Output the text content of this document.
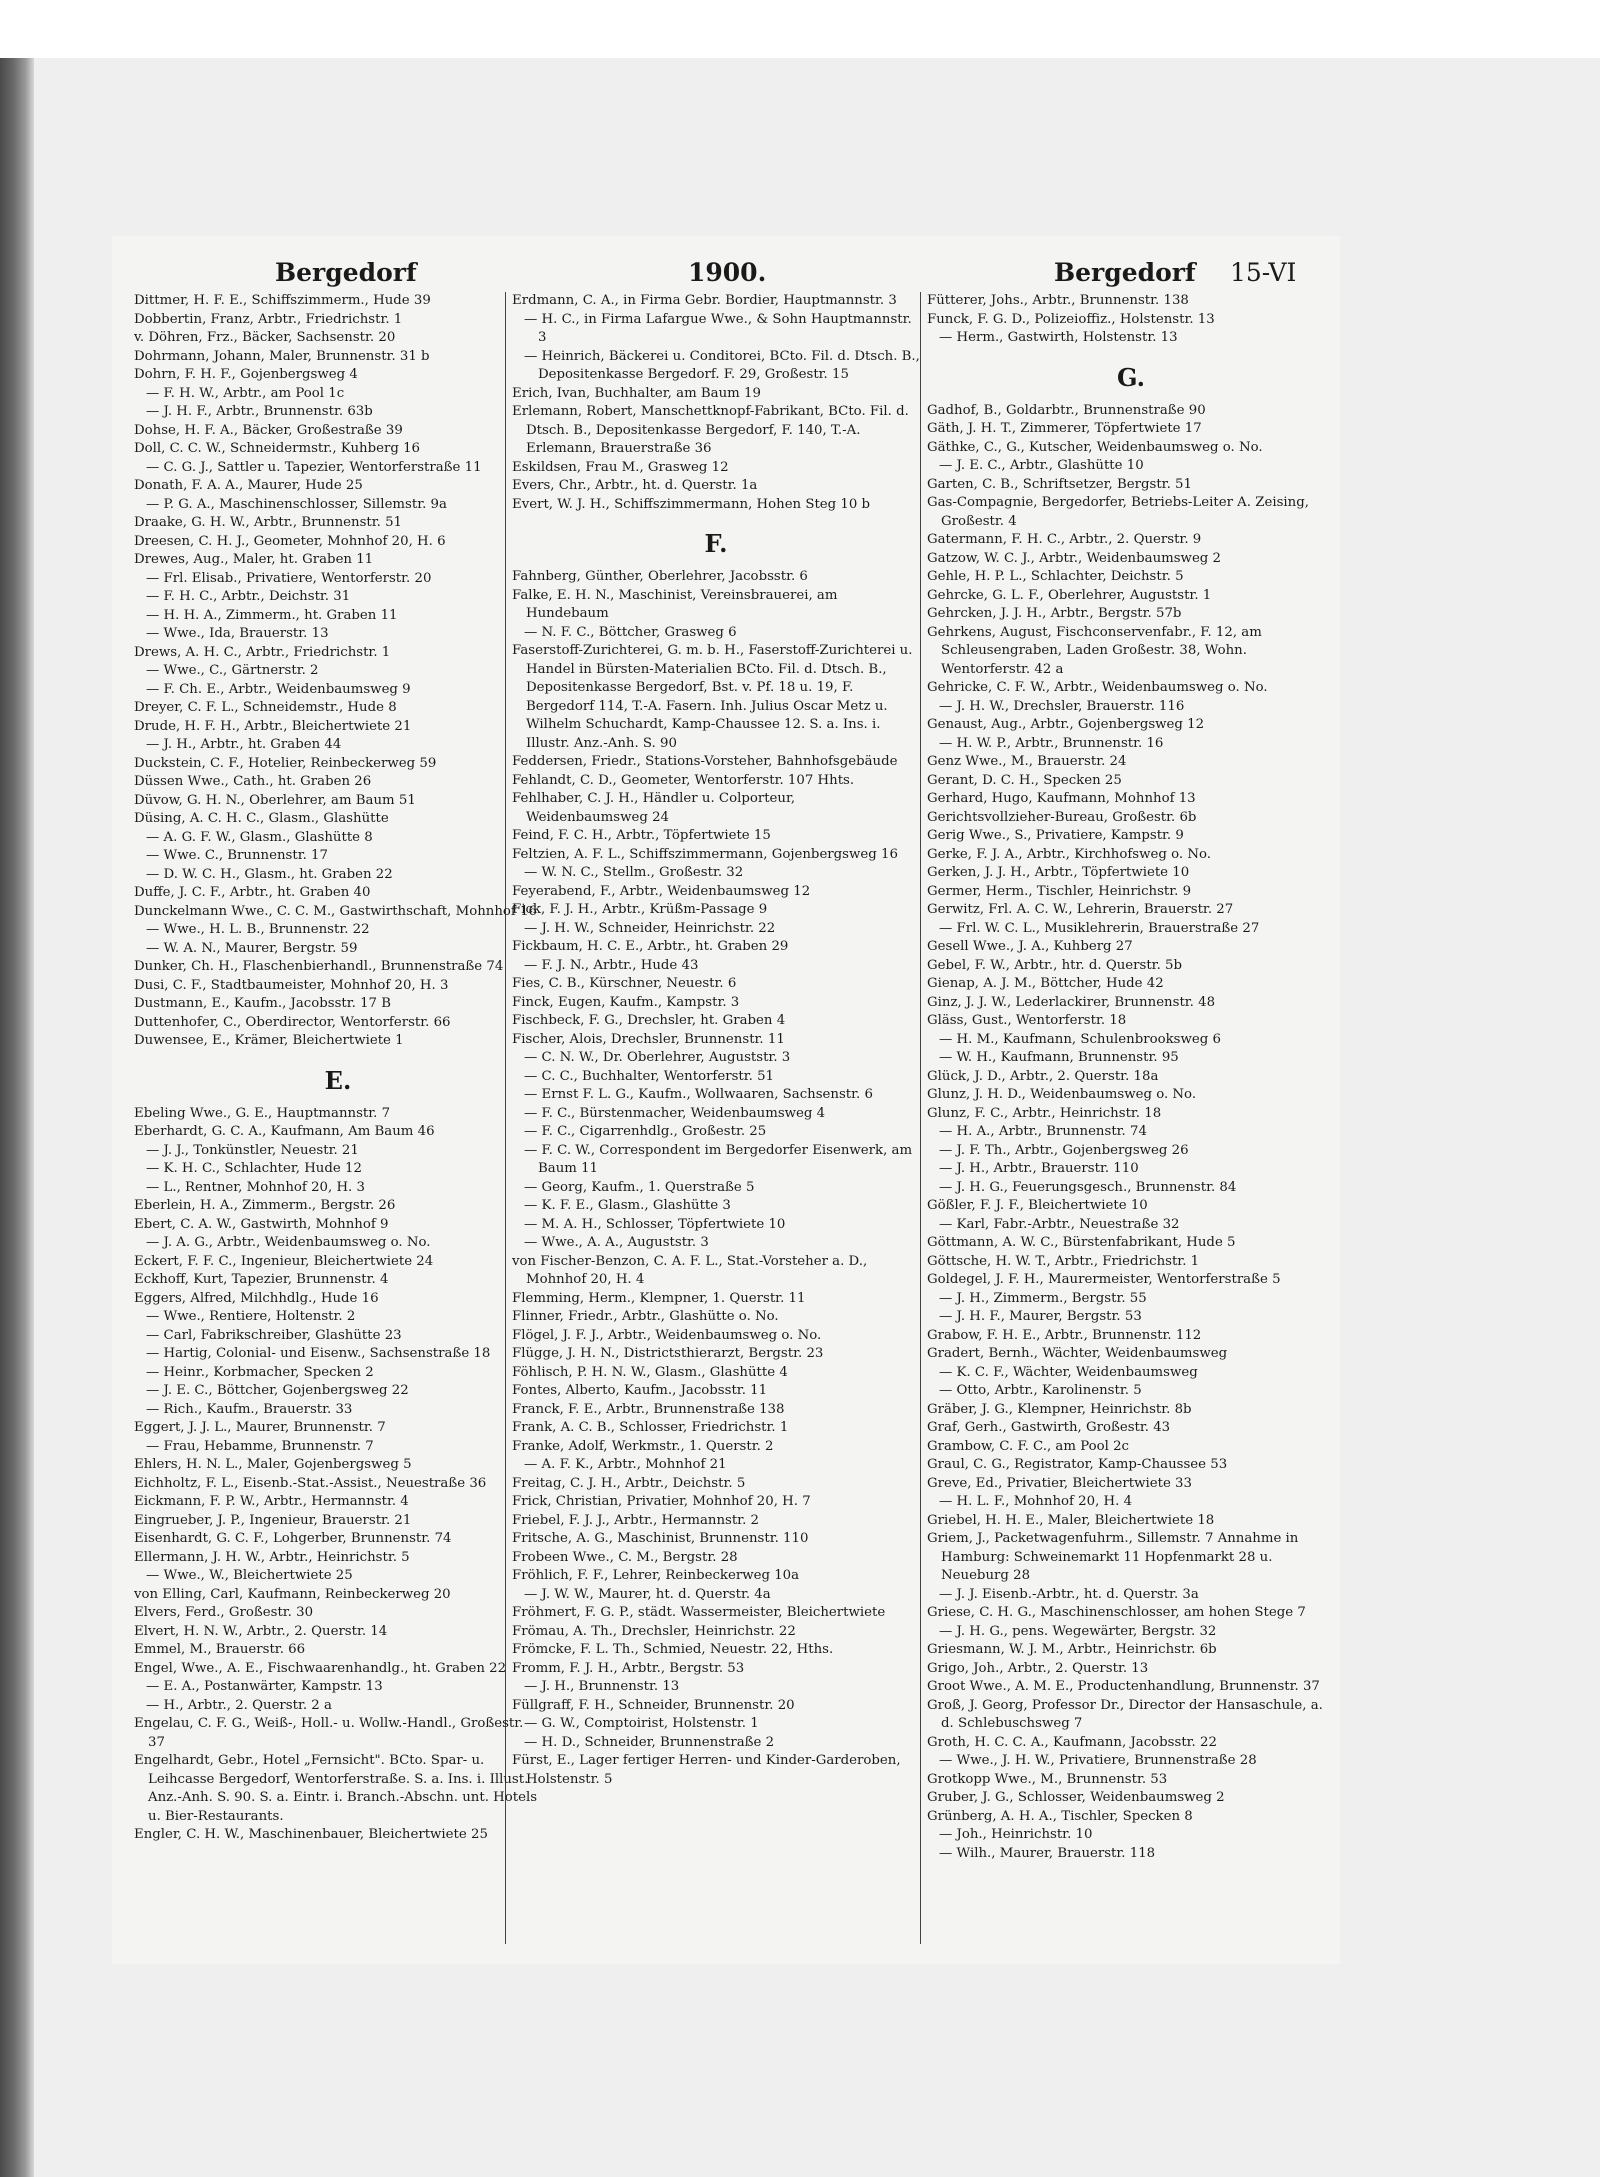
Bergedorf	1900.	Bergedorf 15-VI
Dittmer, H. F. E., Schiffszimmerm., Hude 39
Dobbertin, Franz, Arbtr., Friedrichstr. 1
v. Döhren, Frz., Bäcker, Sachsenstr. 20
Dohrmann, Johann, Maler, Brunnenstr. 31 b
Dohrn, F. H. F., Gojenbergsweg 4
— F. H. W., Arbtr., am Pool 1c
— J. H. F., Arbtr., Brunnenstr. 63b
Dohse, H. F. A., Bäcker, Großestraße 39
Doll, C. C. W., Schneidermstr., Kuhberg 16
— C. G. J., Sattler u. Tapezier, Wentorferstraße 11
Donath, F. A. A., Maurer, Hude 25
— P. G. A., Maschinenschlosser, Sillemstr. 9a
Draake, G. H. W., Arbtr., Brunnenstr. 51
Dreesen, C. H. J., Geometer, Mohnhof 20, H. 6
Drewes, Aug., Maler, ht. Graben 11
— Frl. Elisab., Privatiere, Wentorferstr. 20
— F. H. C., Arbtr., Deichstr. 31
— H. H. A., Zimmerm., ht. Graben 11
— Wwe., Ida, Brauerstr. 13
Drews, A. H. C., Arbtr., Friedrichstr. 1
— Wwe., C., Gärtnerstr. 2
— F. Ch. E., Arbtr., Weidenbaumsweg 9
Dreyer, C. F. L., Schneidemstr., Hude 8
Drude, H. F. H., Arbtr., Bleichertwiete 21
— J. H., Arbtr., ht. Graben 44
Duckstein, C. F., Hotelier, Reinbeckerweg 59
Düssen Wwe., Cath., ht. Graben 26
Düvow, G. H. N., Oberlehrer, am Baum 51
Düsing, A. C. H. C., Glasm., Glashütte
— A. G. F. W., Glasm., Glashütte 8
— Wwe. C., Brunnenstr. 17
— D. W. C. H., Glasm., ht. Graben 22
Duffe, J. C. F., Arbtr., ht. Graben 40
Dunckelmann Wwe., C. C. M., Gastwirthschaft, Mohnhof 16
— Wwe., H. L. B., Brunnenstr. 22
— W. A. N., Maurer, Bergstr. 59
Dunker, Ch. H., Flaschenbierhandl., Brunnenstraße 74
Dusi, C. F., Stadtbaumeister, Mohnhof 20, H. 3
Dustmann, E., Kaufm., Jacobsstr. 17 B
Duttenhofer, C., Oberdirector, Wentorferstr. 66
Duwensee, E., Krämer, Bleichertwiete 1
E.
Ebeling Wwe., G. E., Hauptmannstr. 7
Eberhardt, G. C. A., Kaufmann, Am Baum 46
— J. J., Tonkünstler, Neuestr. 21
— K. H. C., Schlachter, Hude 12
— L., Rentner, Mohnhof 20, H. 3
Eberlein, H. A., Zimmerm., Bergstr. 26
Ebert, C. A. W., Gastwirth, Mohnhof 9
— J. A. G., Arbtr., Weidenbaumsweg o. No.
Eckert, F. F. C., Ingenieur, Bleichertwiete 24
Eckhoff, Kurt, Tapezier, Brunnenstr. 4
Eggers, Alfred, Milchhdlg., Hude 16
— Wwe., Rentiere, Holtenstr. 2
— Carl, Fabrikschreiber, Glashütte 23
— Hartig, Colonial- und Eisenw., Sachsenstraße 18
— Heinr., Korbmacher, Specken 2
— J. E. C., Böttcher, Gojenbergsweg 22
— Rich., Kaufm., Brauerstr. 33
Eggert, J. J. L., Maurer, Brunnenstr. 7
— Frau, Hebamme, Brunnenstr. 7
Ehlers, H. N. L., Maler, Gojenbergsweg 5
Eichholtz, F. L., Eisenb.-Stat.-Assist., Neuestraße 36
Eickmann, F. P. W., Arbtr., Hermannstr. 4
Eingrueber, J. P., Ingenieur, Brauerstr. 21
Eisenhardt, G. C. F., Lohgerber, Brunnenstr. 74
Ellermann, J. H. W., Arbtr., Heinrichstr. 5
— Wwe., W., Bleichertwiete 25
von Elling, Carl, Kaufmann, Reinbeckerweg 20
Elvers, Ferd., Großestr. 30
Elvert, H. N. W., Arbtr., 2. Querstr. 14
Emmel, M., Brauerstr. 66
Engel, Wwe., A. E., Fischwaarenhandlg., ht. Graben 22
— E. A., Postanwärter, Kampstr. 13
— H., Arbtr., 2. Querstr. 2 a
Engelau, C. F. G., Weiß-, Holl.- u. Wollw.-Handl., Großestr. 37
Engelhardt, Gebr., Hotel „Fernsicht". BCto. Spar- u. Leihcasse Bergedorf, Wentorferstraße. S. a. Ins. i. Illust. Anz.-Anh. S. 90. S. a. Eintr. i. Branch.-Abschn. unt. Hotels u. Bier-Restaurants.
Engler, C. H. W., Maschinenbauer, Bleichertwiete 25
Erdmann, C. A., in Firma Gebr. Bordier, Hauptmannstr. 3
— H. C., in Firma Lafargue Wwe., & Sohn Hauptmannstr. 3
— Heinrich, Bäckerei u. Conditorei, BCto. Fil. d. Dtsch. B., Depositenkasse Bergedorf. F. 29, Großestr. 15
Erich, Ivan, Buchhalter, am Baum 19
Erlemann, Robert, Manschettknopf-Fabrikant, BCto. Fil. d. Dtsch. B., Depositenkasse Bergedorf, F. 140, T.-A. Erlemann, Brauerstraße 36
Eskildsen, Frau M., Grasweg 12
Evers, Chr., Arbtr., ht. d. Querstr. 1a
Evert, W. J. H., Schiffszimmermann, Hohen Steg 10 b
F.
Fahnberg, Günther, Oberlehrer, Jacobsstr. 6
Falke, E. H. N., Maschinist, Vereinsbrauerei, am Hundebaum
— N. F. C., Böttcher, Grasweg 6
Faserstoff-Zurichterei, G. m. b. H., Faserstoff-Zurichterei u. Handel in Bürsten-Materialien BCto. Fil. d. Dtsch. B., Depositenkasse Bergedorf, Bst. v. Pf. 18 u. 19, F. Bergedorf 114, T.-A. Fasern. Inh. Julius Oscar Metz u. Wilhelm Schuchardt, Kamp-Chaussee 12. S. a. Ins. i. Illustr. Anz.-Anh. S. 90
Feddersen, Friedr., Stations-Vorsteher, Bahnhofsgebäude
Fehlandt, C. D., Geometer, Wentorferstr. 107 Hhts.
Fehlhaber, C. J. H., Händler u. Colporteur, Weidenbaumsweg 24
Feind, F. C. H., Arbtr., Töpfertwiete 15
Feltzien, A. F. L., Schiffszimmermann, Gojenbergsweg 16
— W. N. C., Stellm., Großestr. 32
Feyerabend, F., Arbtr., Weidenbaumsweg 12
Fick, F. J. H., Arbtr., Krüßm-Passage 9
— J. H. W., Schneider, Heinrichstr. 22
Fickbaum, H. C. E., Arbtr., ht. Graben 29
— F. J. N., Arbtr., Hude 43
Fies, C. B., Kürschner, Neuestr. 6
Finck, Eugen, Kaufm., Kampstr. 3
Fischbeck, F. G., Drechsler, ht. Graben 4
Fischer, Alois, Drechsler, Brunnenstr. 11
— C. N. W., Dr. Oberlehrer, Auguststr. 3
— C. C., Buchhalter, Wentorferstr. 51
— Ernst F. L. G., Kaufm., Wollwaaren, Sachsenstr. 6
— F. C., Bürstenmacher, Weidenbaumsweg 4
— F. C., Cigarrenhdlg., Großestr. 25
— F. C. W., Correspondent im Bergedorfer Eisenwerk, am Baum 11
— Georg, Kaufm., 1. Querstraße 5
— K. F. E., Glasm., Glashütte 3
— M. A. H., Schlosser, Töpfertwiete 10
— Wwe., A. A., Auguststr. 3
von Fischer-Benzon, C. A. F. L., Stat.-Vorsteher a. D., Mohnhof 20, H. 4
Flemming, Herm., Klempner, 1. Querstr. 11
Flinner, Friedr., Arbtr., Glashütte o. No.
Flögel, J. F. J., Arbtr., Weidenbaumsweg o. No.
Flügge, J. H. N., Districtsthierarzt, Bergstr. 23
Föhlisch, P. H. N. W., Glasm., Glashütte 4
Fontes, Alberto, Kaufm., Jacobsstr. 11
Franck, F. E., Arbtr., Brunnenstraße 138
Frank, A. C. B., Schlosser, Friedrichstr. 1
Franke, Adolf, Werkmstr., 1. Querstr. 2
— A. F. K., Arbtr., Mohnhof 21
Freitag, C. J. H., Arbtr., Deichstr. 5
Frick, Christian, Privatier, Mohnhof 20, H. 7
Friebel, F. J. J., Arbtr., Hermannstr. 2
Fritsche, A. G., Maschinist, Brunnenstr. 110
Frobeen Wwe., C. M., Bergstr. 28
Fröhlich, F. F., Lehrer, Reinbeckerweg 10a
— J. W. W., Maurer, ht. d. Querstr. 4a
Fröhmert, F. G. P., städt. Wassermeister, Bleichertwiete
Frömau, A. Th., Drechsler, Heinrichstr. 22
Frömcke, F. L. Th., Schmied, Neuestr. 22, Hths.
Fromm, F. J. H., Arbtr., Bergstr. 53
— J. H., Brunnenstr. 13
Füllgraff, F. H., Schneider, Brunnenstr. 20
— G. W., Comptoirist, Holstenstr. 1
— H. D., Schneider, Brunnenstraße 2
Fürst, E., Lager fertiger Herren- und Kinder-Garderoben, Holstenstr. 5
Fütterer, Johs., Arbtr., Brunnenstr. 138
Funck, F. G. D., Polizeioffiz., Holstenstr. 13
— Herm., Gastwirth, Holstenstr. 13
G.
Gadhof, B., Goldarbtr., Brunnenstraße 90
Gäth, J. H. T., Zimmerer, Töpfertwiete 17
Gäthke, C., G., Kutscher, Weidenbaumsweg o. No.
— J. E. C., Arbtr., Glashütte 10
Garten, C. B., Schriftsetzer, Bergstr. 51
Gas-Compagnie, Bergedorfer, Betriebs-Leiter A. Zeising, Großestr. 4
Gatermann, F. H. C., Arbtr., 2. Querstr. 9
Gatzow, W. C. J., Arbtr., Weidenbaumsweg 2
Gehle, H. P. L., Schlachter, Deichstr. 5
Gehrcke, G. L. F., Oberlehrer, Auguststr. 1
Gehrcken, J. J. H., Arbtr., Bergstr. 57b
Gehrkens, August, Fischconservenfabr., F. 12, am Schleusengraben, Laden Großestr. 38, Wohn. Wentorferstr. 42 a
Gehricke, C. F. W., Arbtr., Weidenbaumsweg o. No.
— J. H. W., Drechsler, Brauerstr. 116
Genaust, Aug., Arbtr., Gojenbergsweg 12
— H. W. P., Arbtr., Brunnenstr. 16
Genz Wwe., M., Brauerstr. 24
Gerant, D. C. H., Specken 25
Gerhard, Hugo, Kaufmann, Mohnhof 13
Gerichtsvollzieher-Bureau, Großestr. 6b
Gerig Wwe., S., Privatiere, Kampstr. 9
Gerke, F. J. A., Arbtr., Kirchhofsweg o. No.
Gerken, J. J. H., Arbtr., Töpfertwiete 10
Germer, Herm., Tischler, Heinrichstr. 9
Gerwitz, Frl. A. C. W., Lehrerin, Brauerstr. 27
— Frl. W. C. L., Musiklehrerin, Brauerstraße 27
Gesell Wwe., J. A., Kuhberg 27
Gebel, F. W., Arbtr., htr. d. Querstr. 5b
Gienap, A. J. M., Böttcher, Hude 42
Ginz, J. J. W., Lederlackirer, Brunnenstr. 48
Gläss, Gust., Wentorferstr. 18
— H. M., Kaufmann, Schulenbrooksweg 6
— W. H., Kaufmann, Brunnenstr. 95
Glück, J. D., Arbtr., 2. Querstr. 18a
Glunz, J. H. D., Weidenbaumsweg o. No.
Glunz, F. C., Arbtr., Heinrichstr. 18
— H. A., Arbtr., Brunnenstr. 74
— J. F. Th., Arbtr., Gojenbergsweg 26
— J. H., Arbtr., Brauerstr. 110
— J. H. G., Feuerungsgesch., Brunnenstr. 84
Gößler, F. J. F., Bleichertwiete 10
— Karl, Fabr.-Arbtr., Neuestraße 32
Göttmann, A. W. C., Bürstenfabrikant, Hude 5
Göttsche, H. W. T., Arbtr., Friedrichstr. 1
Goldegel, J. F. H., Maurermeister, Wentorferstraße 5
— J. H., Zimmerm., Bergstr. 55
— J. H. F., Maurer, Bergstr. 53
Grabow, F. H. E., Arbtr., Brunnenstr. 112
Gradert, Bernh., Wächter, Weidenbaumsweg
— K. C. F., Wächter, Weidenbaumsweg
— Otto, Arbtr., Karolinenstr. 5
Gräber, J. G., Klempner, Heinrichstr. 8b
Graf, Gerh., Gastwirth, Großestr. 43
Grambow, C. F. C., am Pool 2c
Graul, C. G., Registrator, Kamp-Chaussee 53
Greve, Ed., Privatier, Bleichertwiete 33
— H. L. F., Mohnhof 20, H. 4
Griebel, H. H. E., Maler, Bleichertwiete 18
Griem, J., Packetwagenfuhrm., Sillemstr. 7 Annahme in Hamburg: Schweinemarkt 11 Hopfenmarkt 28 u. Neueburg 28
— J. J. Eisenb.-Arbtr., ht. d. Querstr. 3a
Griese, C. H. G., Maschinenschlosser, am hohen Stege 7
— J. H. G., pens. Wegewärter, Bergstr. 32
Griesmann, W. J. M., Arbtr., Heinrichstr. 6b
Grigo, Joh., Arbtr., 2. Querstr. 13
Groot Wwe., A. M. E., Productenhandlung, Brunnenstr. 37
Groß, J. Georg, Professor Dr., Director der Hansaschule, a. d. Schlebuschsweg 7
Groth, H. C. C. A., Kaufmann, Jacobsstr. 22
— Wwe., J. H. W., Privatiere, Brunnenstraße 28
Grotkopp Wwe., M., Brunnenstr. 53
Gruber, J. G., Schlosser, Weidenbaumsweg 2
Grünberg, A. H. A., Tischler, Specken 8
— Joh., Heinrichstr. 10
— Wilh., Maurer, Brauerstr. 118
